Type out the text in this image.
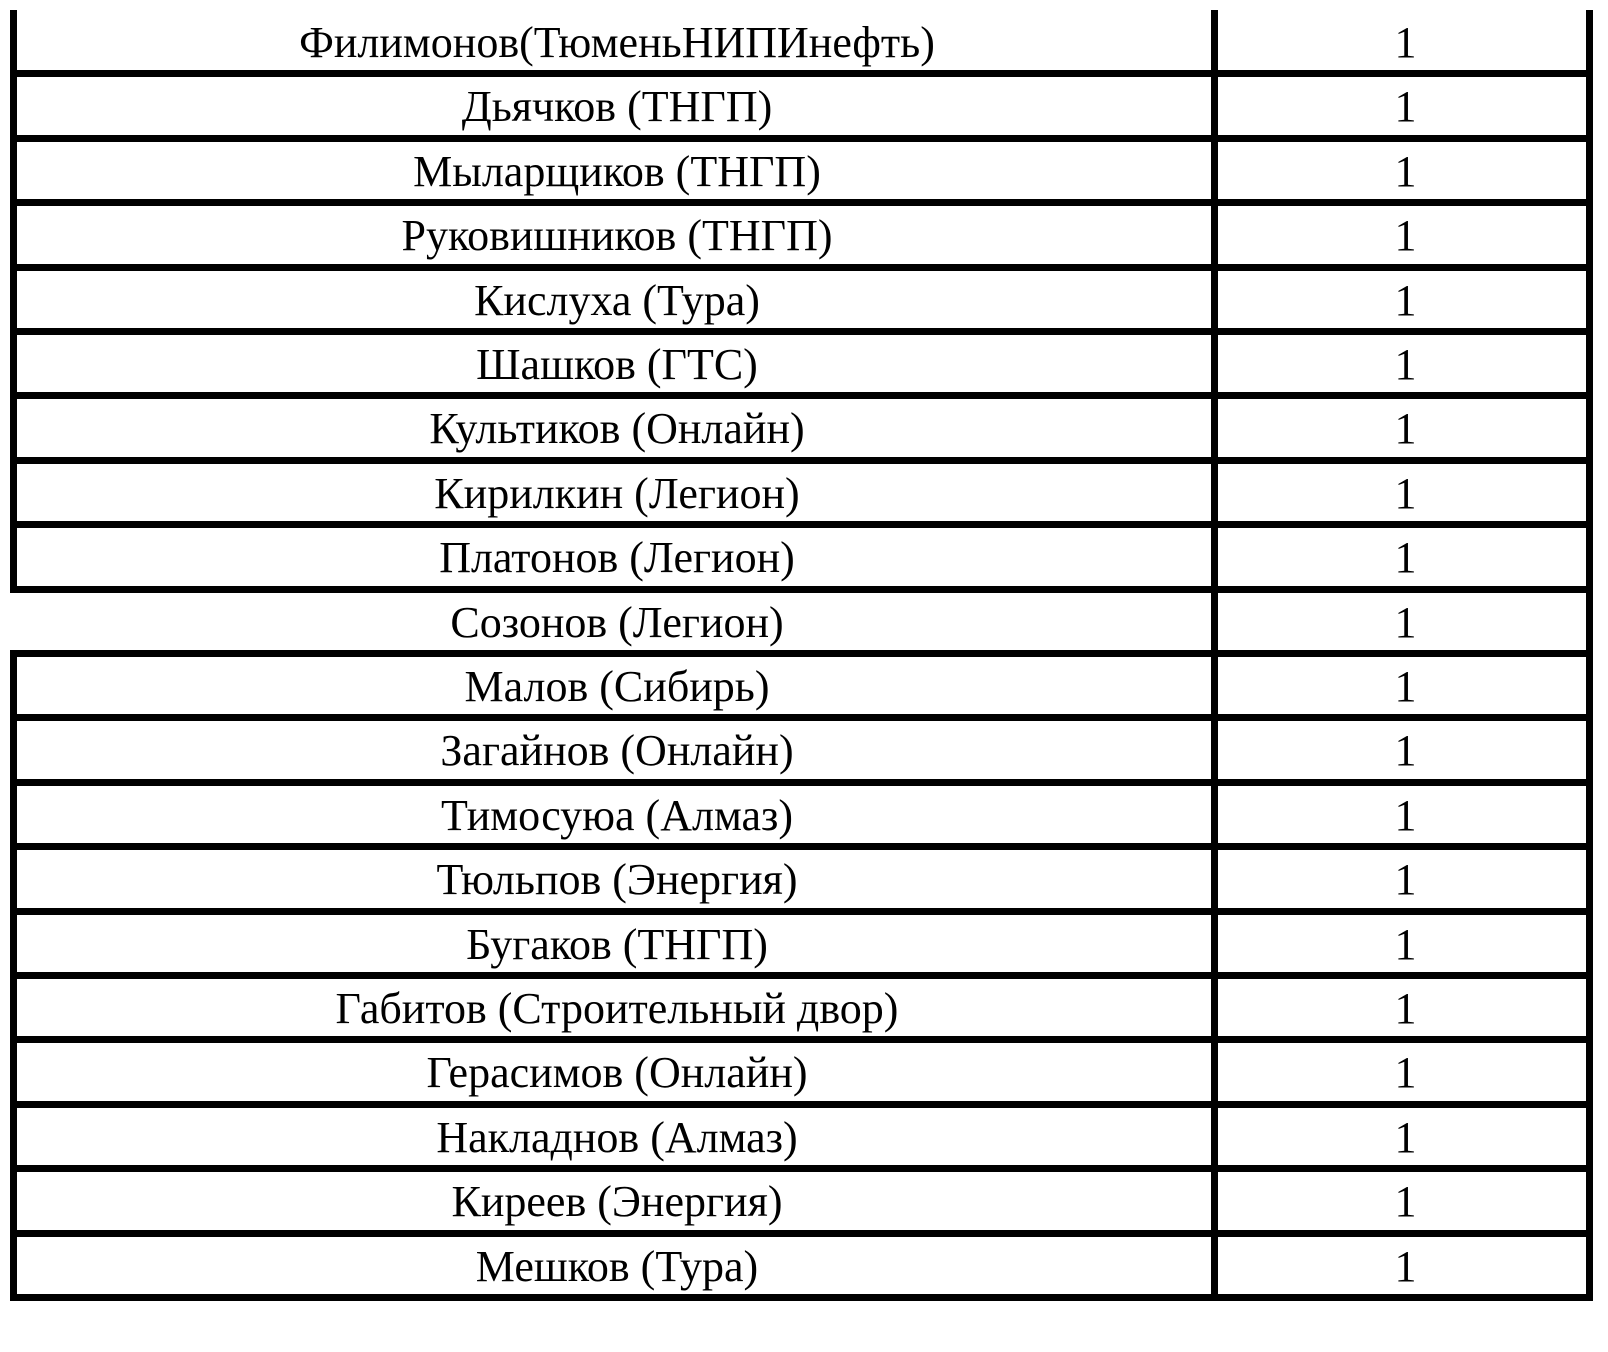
Филимонов(ТюменьНИПИнефть)	1
Дьячков (ТНГП)	1
Мыларщиков (ТНГП)	1
Руковишников (ТНГП)	1
Кислуха (Тура)	1
Шашков (ГТС)	1
Культиков (Онлайн)	1
Кирилкин (Легион)	1
Платонов (Легион)	1
Созонов (Легион)	1
Малов (Сибирь)	1
Загайнов (Онлайн)	1
Тимосуюа (Алмаз)	1
Тюльпов (Энергия)	1
Бугаков (ТНГП)	1
Габитов (Строительный двор)	1
Герасимов (Онлайн)	1
Накладнов (Алмаз)	1
Киреев (Энергия)	1
Мешков (Тура)	1
